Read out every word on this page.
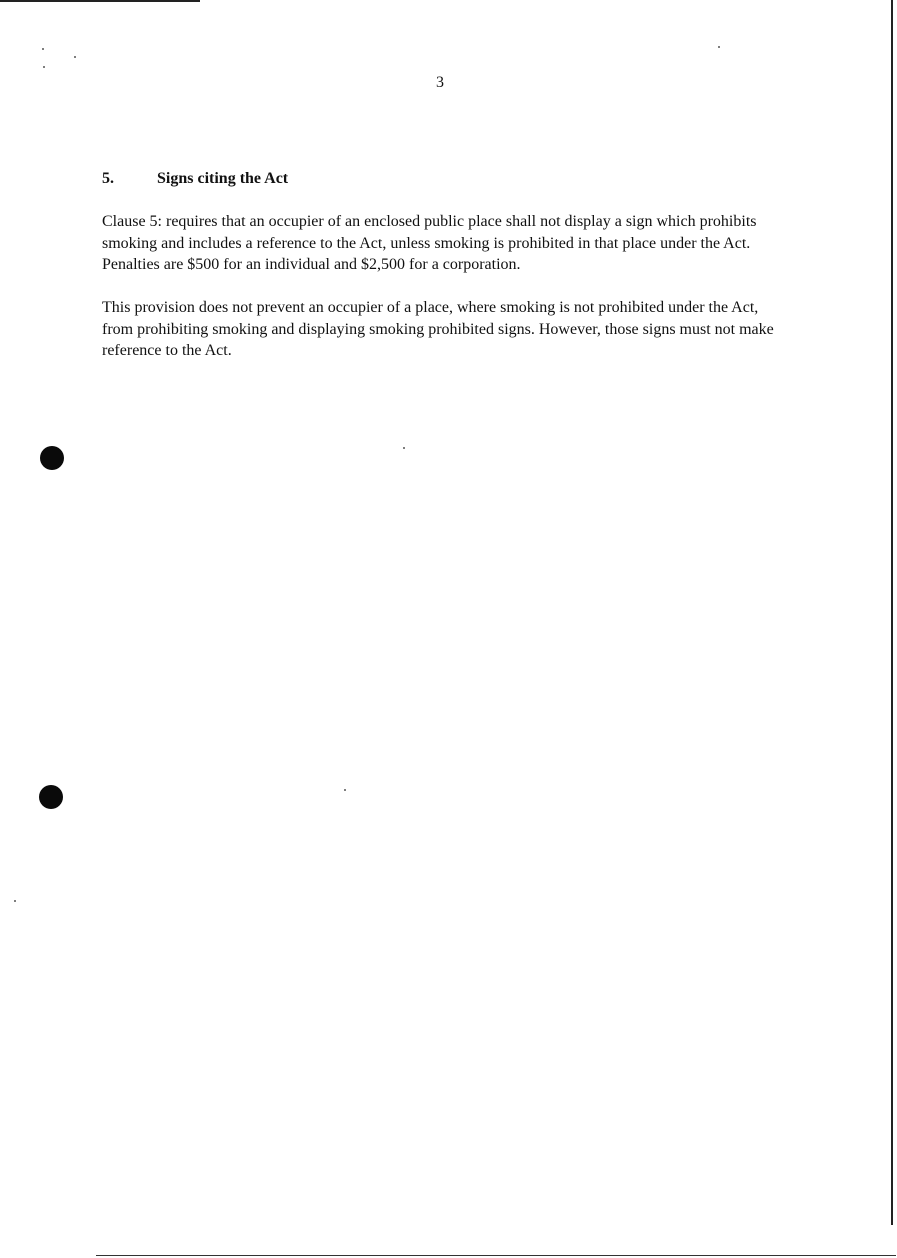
3
5.	Signs citing the Act

Clause 5: requires that an occupier of an enclosed public place shall not display a sign which prohibits smoking and includes a reference to the Act, unless smoking is prohibited in that place under the Act. Penalties are $500 for an individual and $2,500 for a corporation.

This provision does not prevent an occupier of a place, where smoking is not prohibited under the Act, from prohibiting smoking and displaying smoking prohibited signs. However, those signs must not make reference to the Act.
